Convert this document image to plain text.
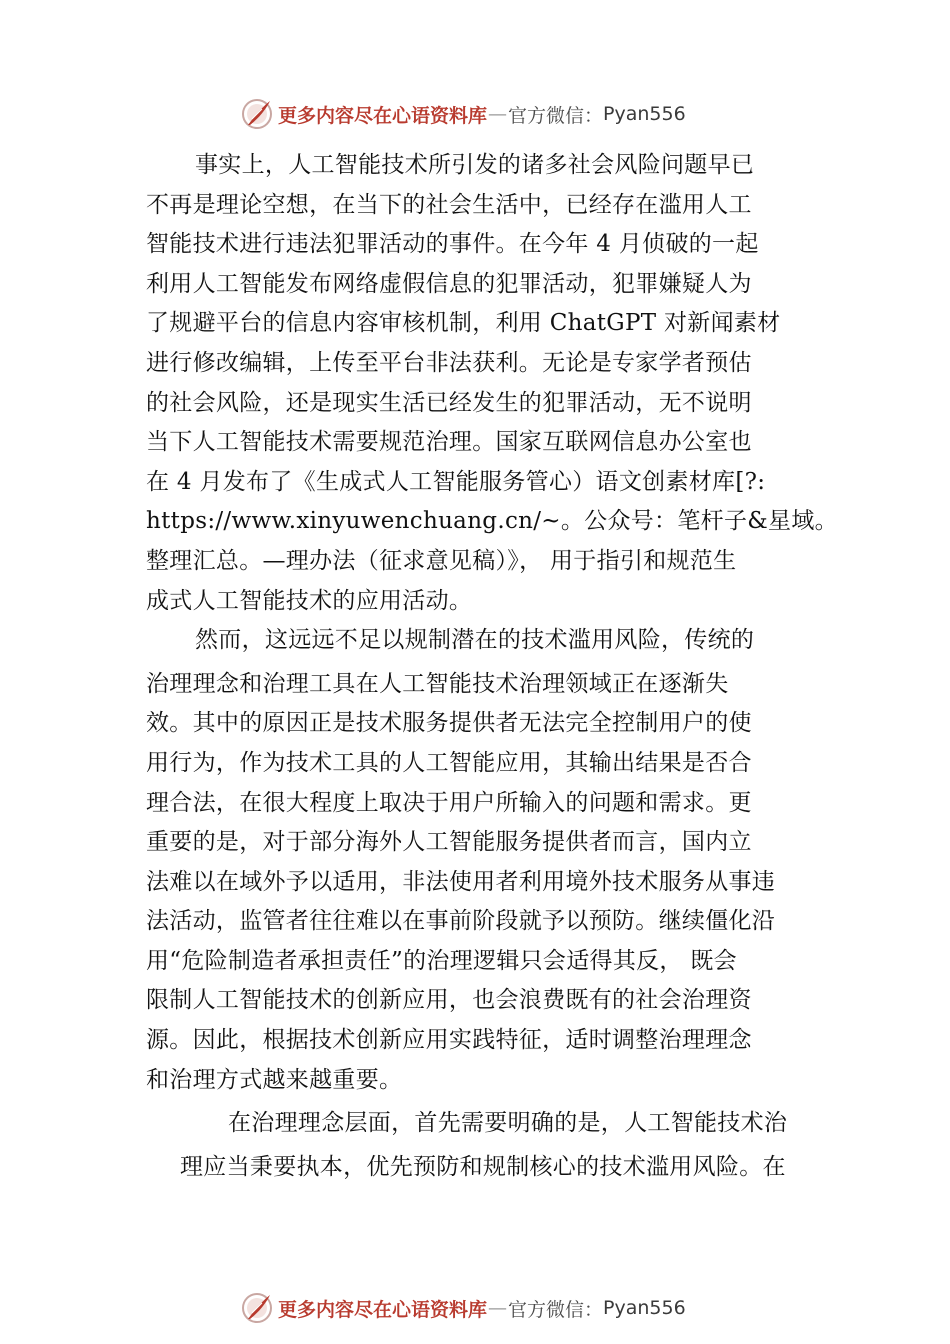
更多内容尽在心语资料库 — 官方微信： Pyan556
事实上，人工智能技术所引发的诸多社会风险问题早已
不再是理论空想，在当下的社会生活中，已经存在滥用人工
智能技术进行违法犯罪活动的事件。在今年 4 月侦破的一起
利用人工智能发布网络虚假信息的犯罪活动，犯罪嫌疑人为
了规避平台的信息内容审核机制，利用 ChatGPT 对新闻素材
进行修改编辑，上传至平台非法获利。无论是专家学者预估
的社会风险，还是现实生活已经发生的犯罪活动，无不说明
当下人工智能技术需要规范治理。国家互联网信息办公室也
在 4 月发布了《生成式人工智能服务管心）语文创素材库[?:
https://www.xinyuwenchuang.cn/~。公众号：笔杆子&星域。
整理汇总。—理办法（征求意见稿）》， 用于指引和规范生
成式人工智能技术的应用活动。
然而，这远远不足以规制潜在的技术滥用风险，传统的
治理理念和治理工具在人工智能技术治理领域正在逐渐失
效。其中的原因正是技术服务提供者无法完全控制用户的使
用行为，作为技术工具的人工智能应用，其输出结果是否合
理合法，在很大程度上取决于用户所输入的问题和需求。更
重要的是，对于部分海外人工智能服务提供者而言，国内立
法难以在域外予以适用，非法使用者利用境外技术服务从事违
法活动，监管者往往难以在事前阶段就予以预防。继续僵化沿
用“危险制造者承担责任”的治理逻辑只会适得其反， 既会
限制人工智能技术的创新应用，也会浪费既有的社会治理资
源。因此，根据技术创新应用实践特征，适时调整治理理念
和治理方式越来越重要。
在治理理念层面，首先需要明确的是，人工智能技术治
理应当秉要执本，优先预防和规制核心的技术滥用风险。在
更多内容尽在心语资料库 — 官方微信： Pyan556
